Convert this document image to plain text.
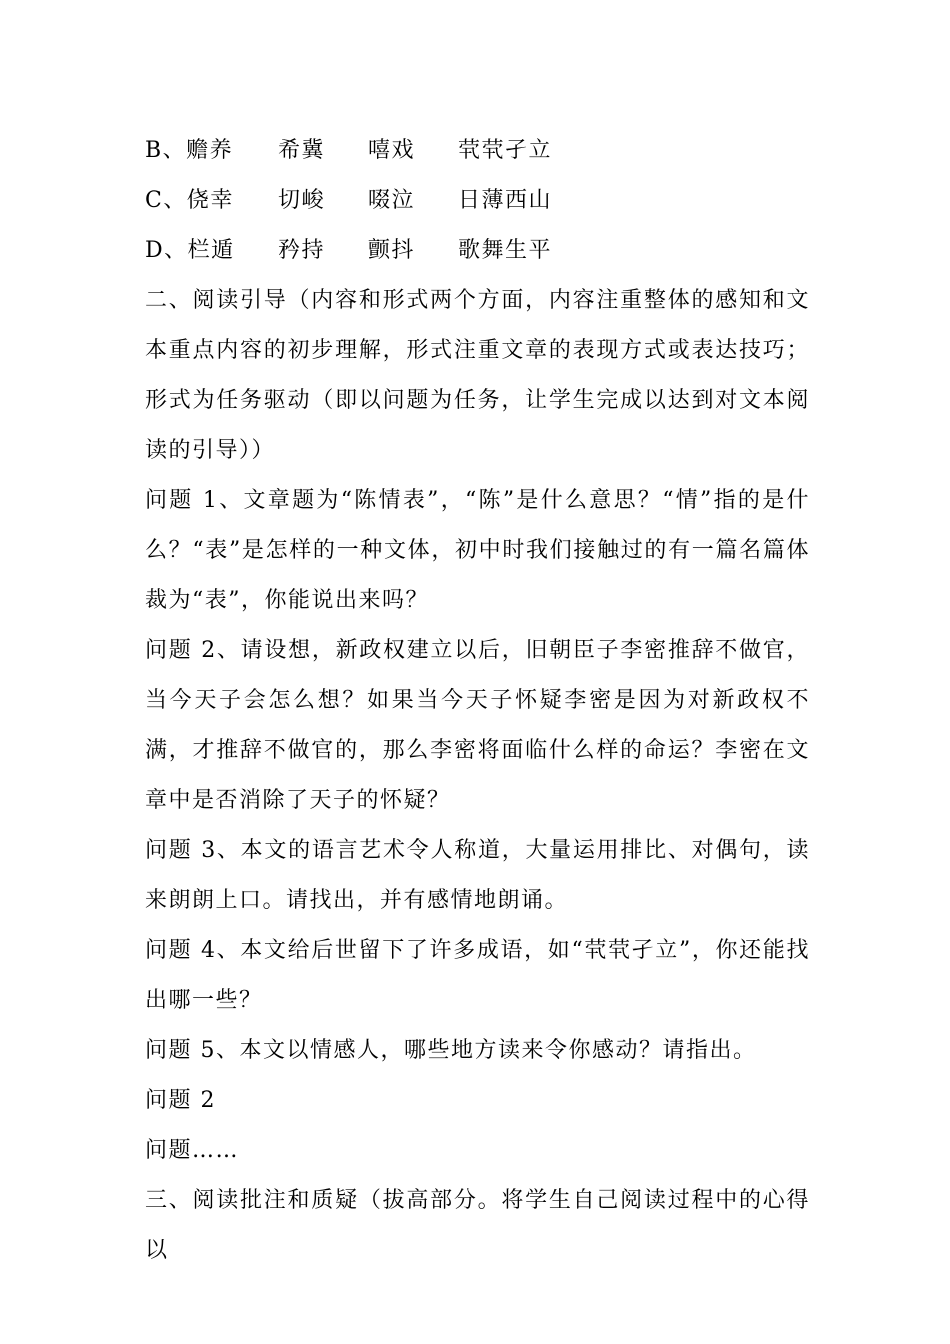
B、赡养	希冀	嘻戏	茕茕孑立
C、侥幸	切峻	啜泣	日薄西山
D、栏遁	矜持	颤抖	歌舞生平

二、阅读引导（内容和形式两个方面，内容注重整体的感知和文本重点内容的初步理解，形式注重文章的表现方式或表达技巧；形式为任务驱动（即以问题为任务，让学生完成以达到对文本阅读的引导））

问题 1、文章题为“陈情表”，“陈”是什么意思？“情”指的是什么？“表”是怎样的一种文体，初中时我们接触过的有一篇名篇体裁为“表”，你能说出来吗？

问题 2、请设想，新政权建立以后，旧朝臣子李密推辞不做官，当今天子会怎么想？如果当今天子怀疑李密是因为对新政权不满，才推辞不做官的，那么李密将面临什么样的命运？李密在文章中是否消除了天子的怀疑？

问题 3、本文的语言艺术令人称道，大量运用排比、对偶句，读来朗朗上口。请找出，并有感情地朗诵。

问题 4、本文给后世留下了许多成语，如“茕茕孑立”，你还能找出哪一些？

问题 5、本文以情感人，哪些地方读来令你感动？请指出。

问题 2

问题……

三、阅读批注和质疑（拔高部分。将学生自己阅读过程中的心得以
